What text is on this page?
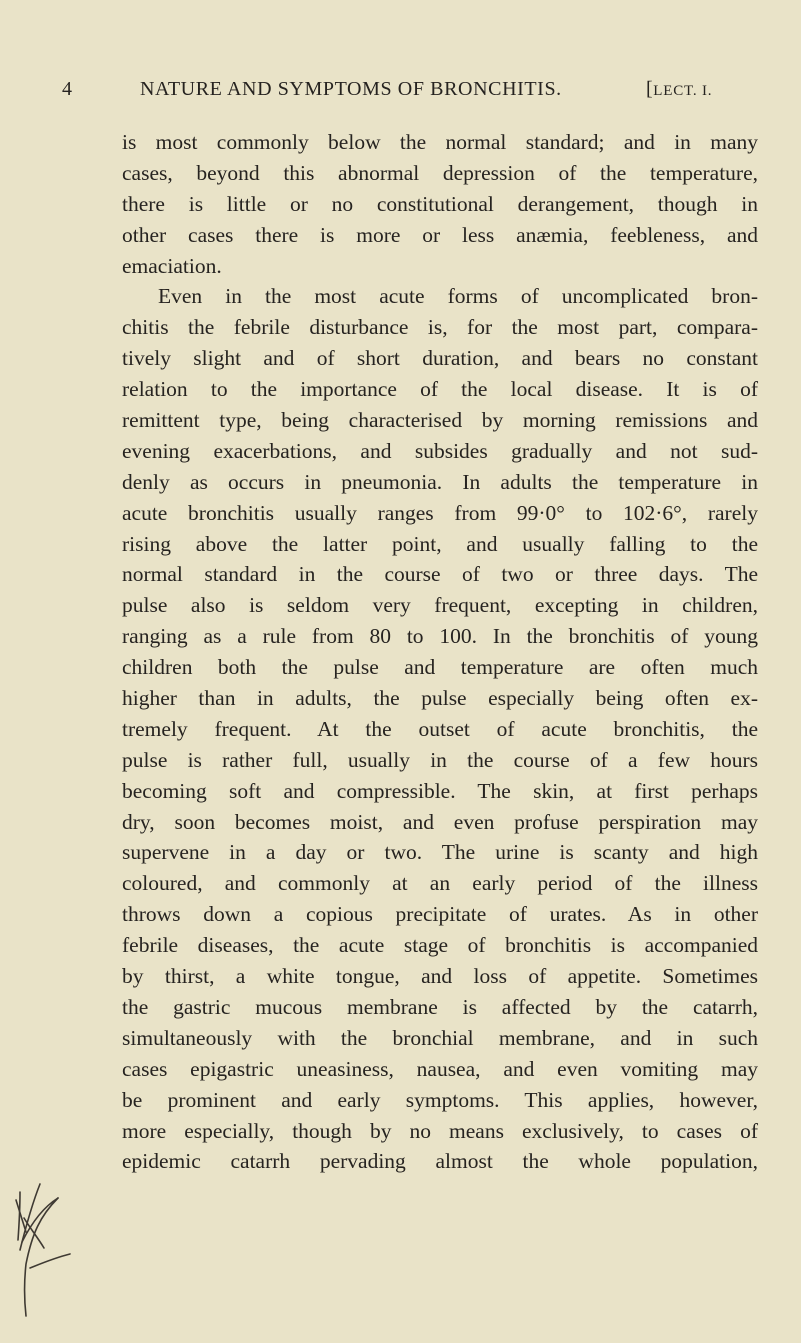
4	NATURE AND SYMPTOMS OF BRONCHITIS.	[LECT. I.
is most commonly below the normal standard; and in many
cases, beyond this abnormal depression of the temperature,
there is little or no constitutional derangement, though in
other cases there is more or less anæmia, feebleness, and
emaciation.
Even in the most acute forms of uncomplicated bron-
chitis the febrile disturbance is, for the most part, compara-
tively slight and of short duration, and bears no constant
relation to the importance of the local disease. It is of
remittent type, being characterised by morning remissions and
evening exacerbations, and subsides gradually and not sud-
denly as occurs in pneumonia. In adults the temperature in
acute bronchitis usually ranges from 99·0° to 102·6°, rarely
rising above the latter point, and usually falling to the
normal standard in the course of two or three days. The
pulse also is seldom very frequent, excepting in children,
ranging as a rule from 80 to 100. In the bronchitis of young
children both the pulse and temperature are often much
higher than in adults, the pulse especially being often ex-
tremely frequent. At the outset of acute bronchitis, the
pulse is rather full, usually in the course of a few hours
becoming soft and compressible. The skin, at first perhaps
dry, soon becomes moist, and even profuse perspiration may
supervene in a day or two. The urine is scanty and high
coloured, and commonly at an early period of the illness
throws down a copious precipitate of urates. As in other
febrile diseases, the acute stage of bronchitis is accompanied
by thirst, a white tongue, and loss of appetite. Sometimes
the gastric mucous membrane is affected by the catarrh,
simultaneously with the bronchial membrane, and in such
cases epigastric uneasiness, nausea, and even vomiting may
be prominent and early symptoms. This applies, however,
more especially, though by no means exclusively, to cases of
epidemic catarrh pervading almost the whole population,
